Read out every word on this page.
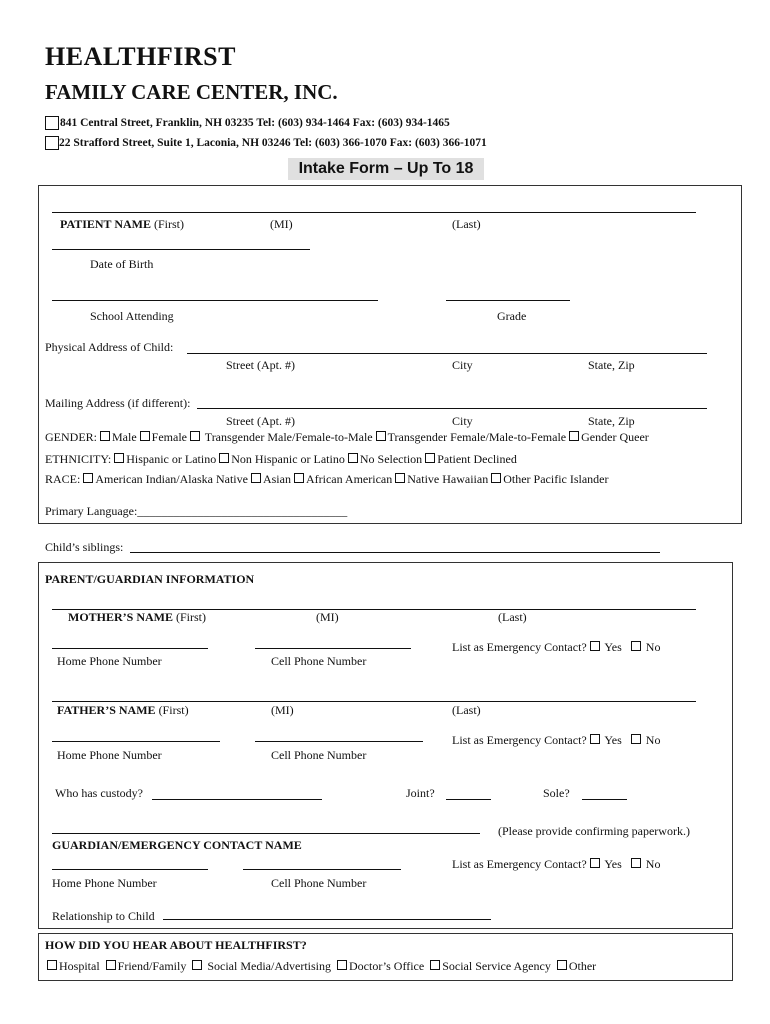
HEALTHFIRST
FAMILY CARE CENTER, INC.
841 Central Street, Franklin, NH 03235 Tel: (603) 934-1464 Fax: (603) 934-1465
22 Strafford Street, Suite 1, Laconia, NH 03246 Tel: (603) 366-1070 Fax: (603) 366-1071
Intake Form – Up To 18
PATIENT NAME (First)	(MI)	(Last)
Date of Birth
School Attending	Grade
Physical Address of Child:
Street (Apt. #)	City	State, Zip
Mailing Address (if different):
Street (Apt. #)	City	State, Zip
GENDER: Male Female Transgender Male/Female-to-Male Transgender Female/Male-to-Female Gender Queer
ETHNICITY: Hispanic or Latino Non Hispanic or Latino No Selection Patient Declined
RACE: American Indian/Alaska Native Asian African American Native Hawaiian Other Pacific Islander
Primary Language:___________________________________
Child’s siblings:
PARENT/GUARDIAN INFORMATION
MOTHER’S NAME (First)	(MI)	(Last)
List as Emergency Contact? Yes No
Home Phone Number	Cell Phone Number
FATHER’S NAME (First)	(MI)	(Last)
List as Emergency Contact? Yes No
Home Phone Number	Cell Phone Number
Who has custody?	Joint?	Sole?
(Please provide confirming paperwork.)
GUARDIAN/EMERGENCY CONTACT NAME
List as Emergency Contact? Yes No
Home Phone Number	Cell Phone Number
Relationship to Child
HOW DID YOU HEAR ABOUT HEALTHFIRST?
Hospital Friend/Family Social Media/Advertising Doctor’s Office Social Service Agency Other
